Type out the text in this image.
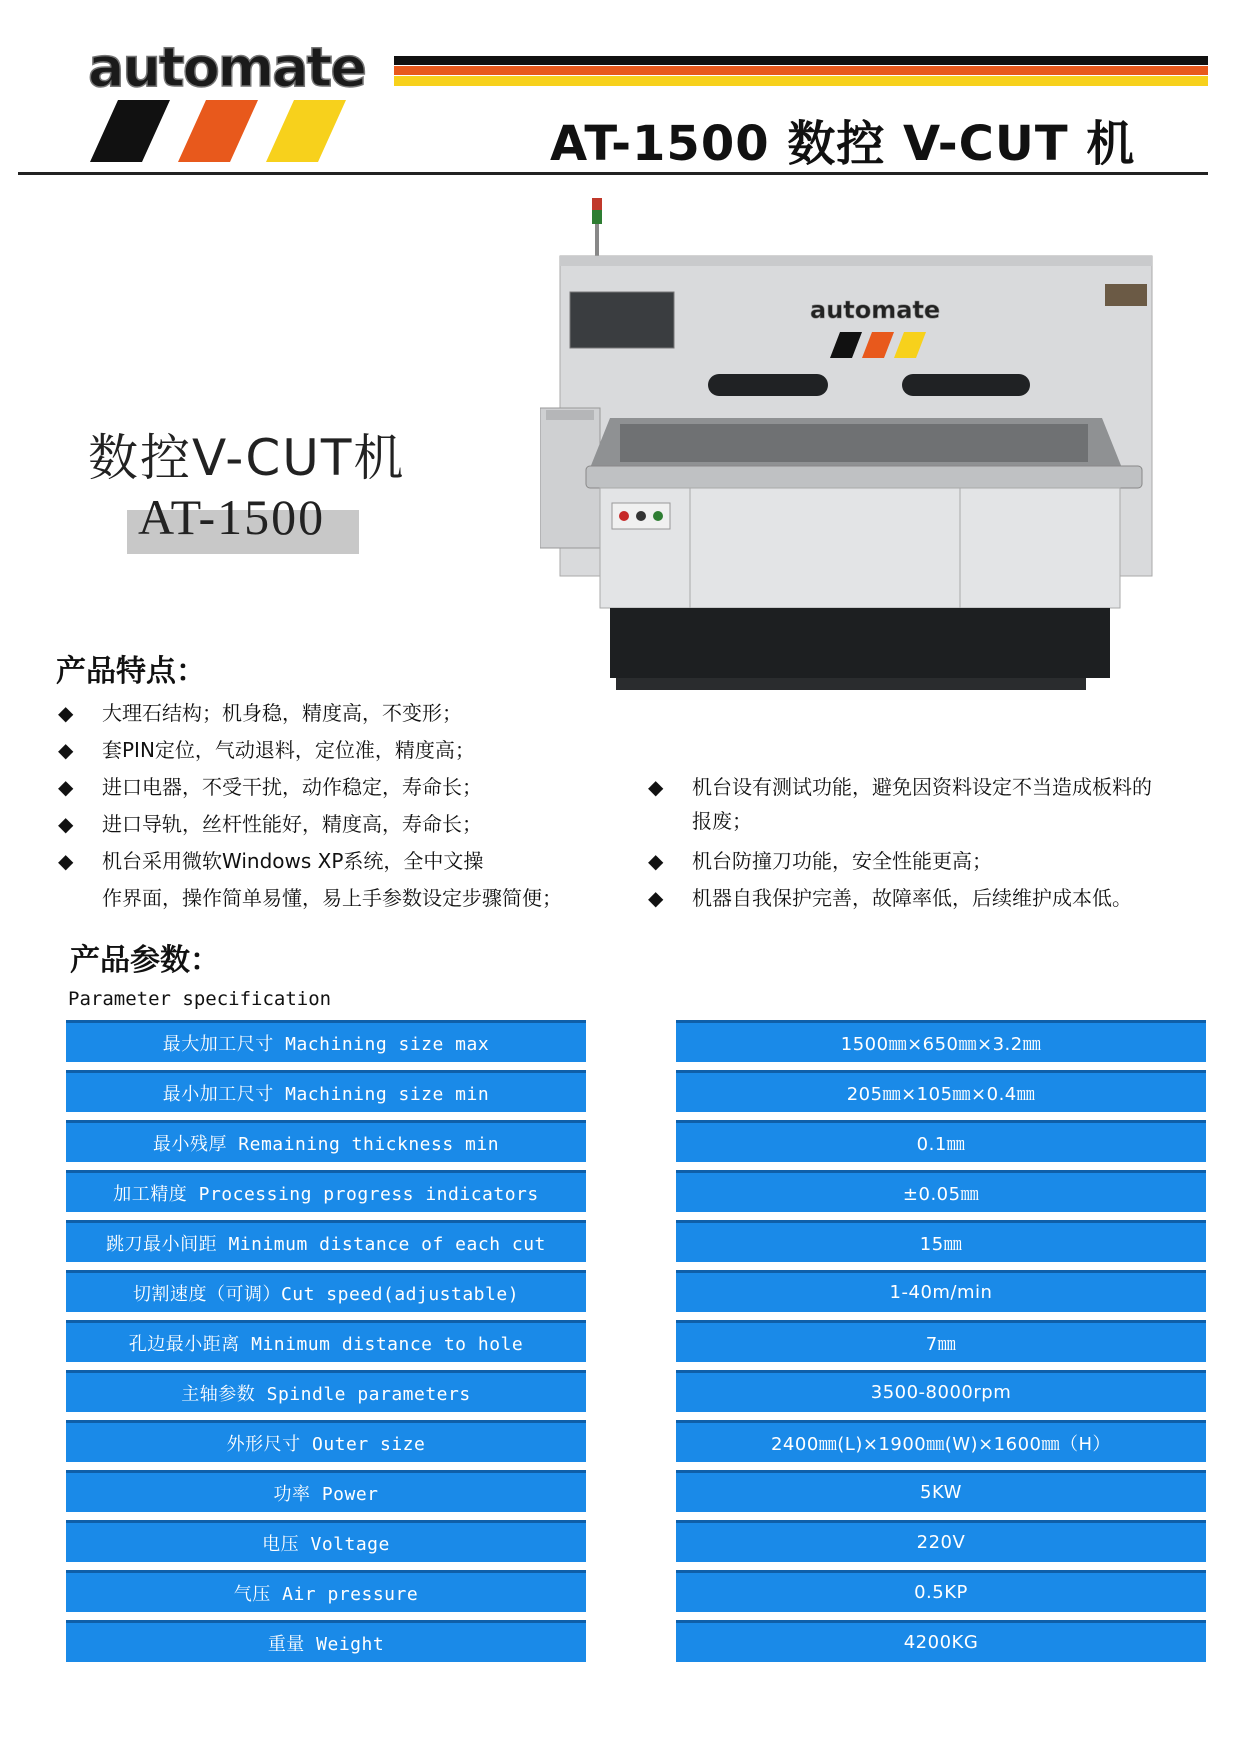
automate
AT-1500 数控 V-CUT 机
数控V-CUT机
AT-1500
automate
产品特点：
◆ 大理石结构；机身稳，精度高，不变形；
◆ 套PIN定位，气动退料，定位准，精度高；
◆ 进口电器，不受干扰，动作稳定，寿命长；
◆ 进口导轨，丝杆性能好，精度高，寿命长；
◆ 机台采用微软Windows XP系统，全中文操
作界面，操作简单易懂，易上手参数设定步骤简便；
◆ 机台设有测试功能，避免因资料设定不当造成板料的
报废；
◆ 机台防撞刀功能，安全性能更高；
◆ 机器自我保护完善，故障率低，后续维护成本低。
产品参数：
Parameter specification
最大加工尺寸 Machining size max	1500㎜×650㎜×3.2㎜
最小加工尺寸 Machining size min	205㎜×105㎜×0.4㎜
最小残厚 Remaining thickness min	0.1㎜
加工精度 Processing progress indicators	±0.05㎜
跳刀最小间距 Minimum distance of each cut	15㎜
切割速度（可调）Cut speed(adjustable)	1-40m/min
孔边最小距离 Minimum distance to hole	7㎜
主轴参数 Spindle parameters	3500-8000rpm
外形尺寸 Outer size	2400㎜(L)×1900㎜(W)×1600㎜（H）
功率 Power	5KW
电压 Voltage	220V
气压 Air pressure	0.5KP
重量 Weight	4200KG
